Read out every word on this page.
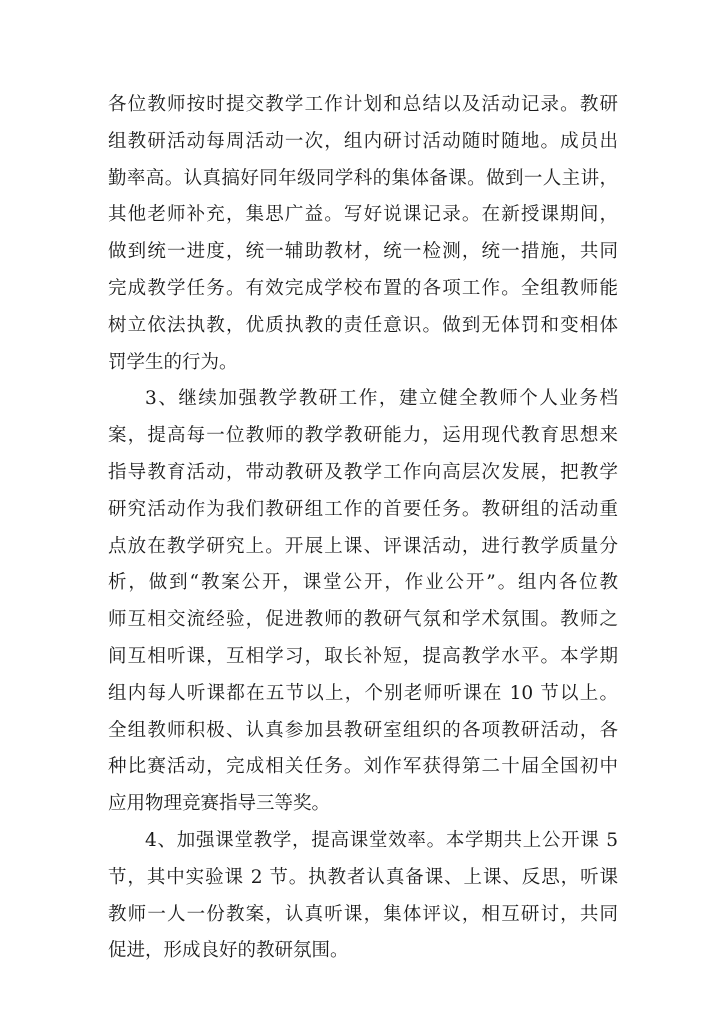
各位教师按时提交教学工作计划和总结以及活动记录。教研
组教研活动每周活动一次，组内研讨活动随时随地。成员出
勤率高。认真搞好同年级同学科的集体备课。做到一人主讲，
其他老师补充，集思广益。写好说课记录。在新授课期间，
做到统一进度，统一辅助教材，统一检测，统一措施，共同
完成教学任务。有效完成学校布置的各项工作。全组教师能
树立依法执教，优质执教的责任意识。做到无体罚和变相体
罚学生的行为。
3、继续加强教学教研工作，建立健全教师个人业务档
案，提高每一位教师的教学教研能力，运用现代教育思想来
指导教育活动，带动教研及教学工作向高层次发展，把教学
研究活动作为我们教研组工作的首要任务。教研组的活动重
点放在教学研究上。开展上课、评课活动，进行教学质量分
析，做到“教案公开，课堂公开，作业公开”。组内各位教
师互相交流经验，促进教师的教研气氛和学术氛围。教师之
间互相听课，互相学习，取长补短，提高教学水平。本学期
组内每人听课都在五节以上，个别老师听课在 10 节以上。
全组教师积极、认真参加县教研室组织的各项教研活动，各
种比赛活动，完成相关任务。刘作军获得第二十届全国初中
应用物理竞赛指导三等奖。
4、加强课堂教学，提高课堂效率。本学期共上公开课 5
节，其中实验课 2 节。执教者认真备课、上课、反思，听课
教师一人一份教案，认真听课，集体评议，相互研讨，共同
促进，形成良好的教研氛围。
